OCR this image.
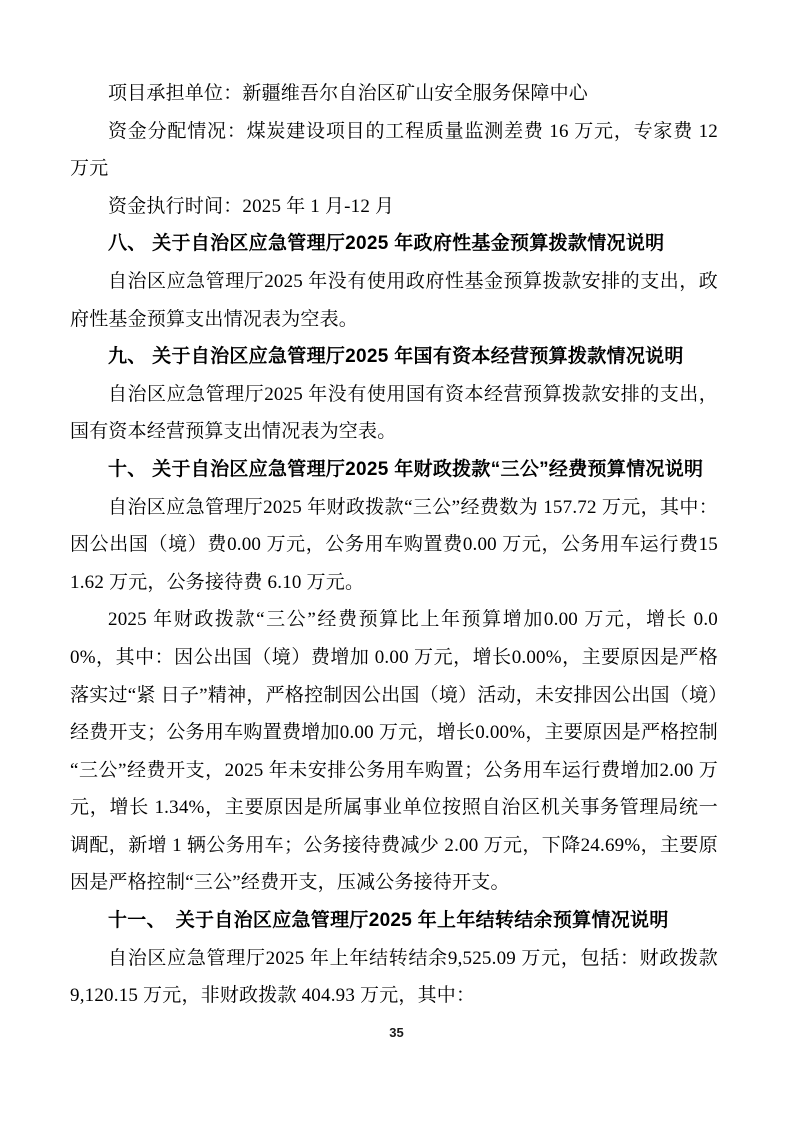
项目承担单位：新疆维吾尔自治区矿山安全服务保障中心

资金分配情况：煤炭建设项目的工程质量监测差费 16 万元，专家费 12 万元

资金执行时间：2025 年 1 月-12 月

八、 关于自治区应急管理厅2025 年政府性基金预算拨款情况说明

自治区应急管理厅2025 年没有使用政府性基金预算拨款安排的支出，政府性基金预算支出情况表为空表。

九、 关于自治区应急管理厅2025 年国有资本经营预算拨款情况说明

自治区应急管理厅2025 年没有使用国有资本经营预算拨款安排的支出，国有资本经营预算支出情况表为空表。

十、 关于自治区应急管理厅2025 年财政拨款“三公”经费预算情况说明

自治区应急管理厅2025 年财政拨款“三公”经费数为 157.72 万元，其中：因公出国（境）费0.00 万元，公务用车购置费0.00 万元，公务用车运行费151.62 万元，公务接待费 6.10 万元。

2025 年财政拨款“三公”经费预算比上年预算增加0.00 万元，增长 0.00%，其中：因公出国（境）费增加 0.00 万元，增长0.00%，主要原因是严格落实过“紧 日子”精神，严格控制因公出国（境）活动，未安排因公出国（境）经费开支；公务用车购置费增加0.00 万元，增长0.00%，主要原因是严格控制“三公”经费开支，2025 年未安排公务用车购置；公务用车运行费增加2.00 万元，增长 1.34%，主要原因是所属事业单位按照自治区机关事务管理局统一调配，新增 1 辆公务用车；公务接待费减少 2.00 万元，下降24.69%，主要原因是严格控制“三公”经费开支，压减公务接待开支。

十一、　关于自治区应急管理厅2025 年上年结转结余预算情况说明

自治区应急管理厅2025 年上年结转结余9,525.09 万元，包括：财政拨款9,120.15 万元，非财政拨款 404.93 万元，其中：

35
